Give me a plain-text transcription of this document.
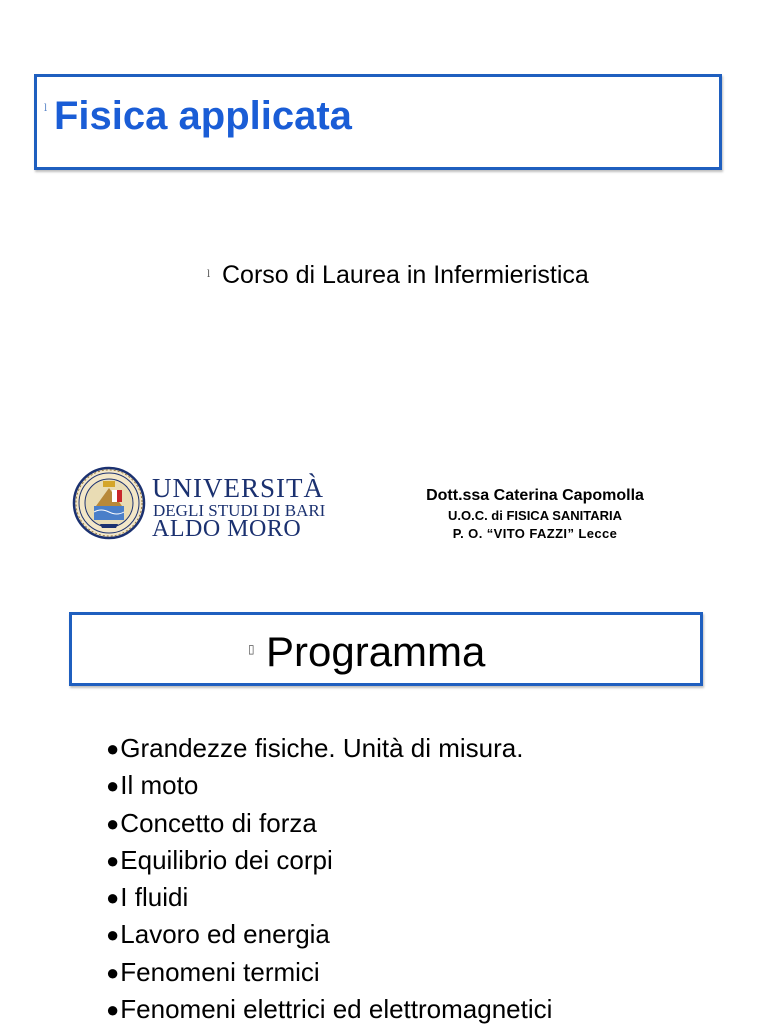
l Fisica applicata
l Corso di Laurea in Infermieristica
UNIVERSITÀ
DEGLI STUDI DI BARI
ALDO MORO
Dott.ssa Caterina Capomolla
U.O.C. di FISICA SANITARIA
P. O. “VITO FAZZI” Lecce
▯ Programma
● Grandezze fisiche. Unità di misura.
● Il moto
● Concetto di forza
● Equilibrio dei corpi
● I fluidi
● Lavoro ed energia
● Fenomeni termici
● Fenomeni elettrici ed elettromagnetici
